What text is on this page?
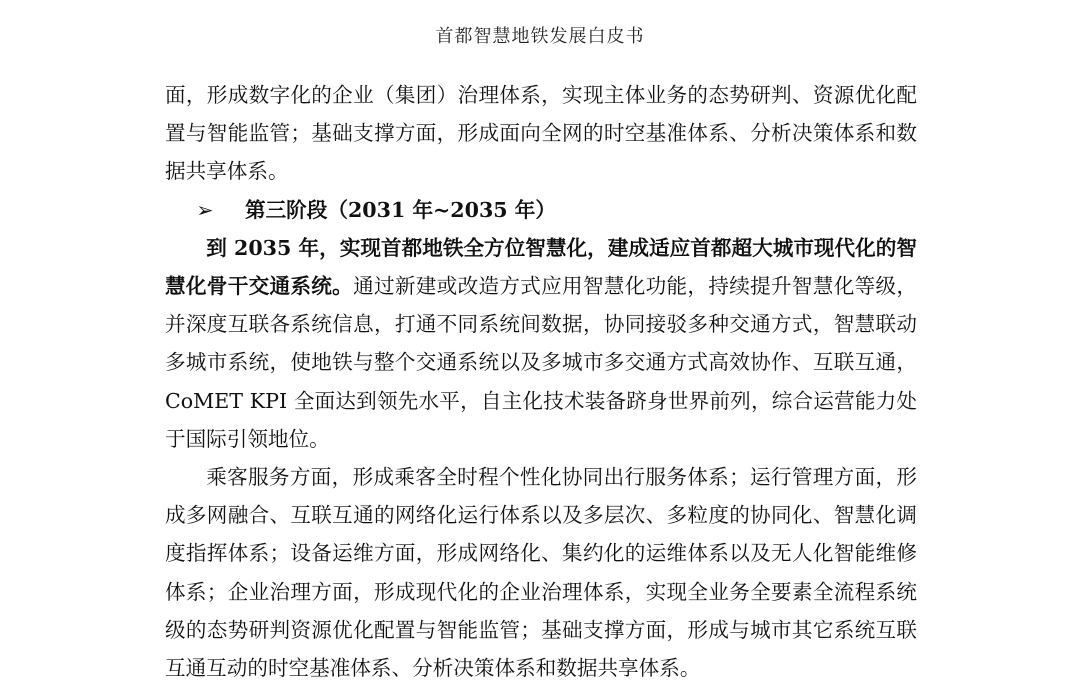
首都智慧地铁发展白皮书

面，形成数字化的企业（集团）治理体系，实现主体业务的态势研判、资源优化配置与智能监管；基础支撑方面，形成面向全网的时空基准体系、分析决策体系和数据共享体系。

➢ 第三阶段（2031 年~2035 年）

到 2035 年，实现首都地铁全方位智慧化，建成适应首都超大城市现代化的智慧化骨干交通系统。通过新建或改造方式应用智慧化功能，持续提升智慧化等级，并深度互联各系统信息，打通不同系统间数据，协同接驳多种交通方式，智慧联动多城市系统，使地铁与整个交通系统以及多城市多交通方式高效协作、互联互通，CoMET KPI 全面达到领先水平，自主化技术装备跻身世界前列，综合运营能力处于国际引领地位。

乘客服务方面，形成乘客全时程个性化协同出行服务体系；运行管理方面，形成多网融合、互联互通的网络化运行体系以及多层次、多粒度的协同化、智慧化调度指挥体系；设备运维方面，形成网络化、集约化的运维体系以及无人化智能维修体系；企业治理方面，形成现代化的企业治理体系，实现全业务全要素全流程系统级的态势研判资源优化配置与智能监管；基础支撑方面，形成与城市其它系统互联互通互动的时空基准体系、分析决策体系和数据共享体系。
